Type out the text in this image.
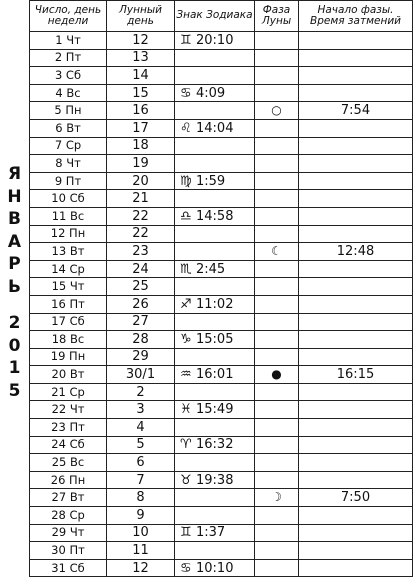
Я
Н
В
А
Р
Ь
2
0
1
5
Число, день недели	Лунный день	Знак Зодиака	Фаза Луны	Начало фазы. Время затмений
1 Чт	12	♊ 20:10		
2 Пт	13			
3 Сб	14			
4 Вс	15	♋ 4:09		
5 Пн	16		○	7:54
6 Вт	17	♌ 14:04		
7 Ср	18			
8 Чт	19			
9 Пт	20	♍ 1:59		
10 Сб	21			
11 Вс	22	♎ 14:58		
12 Пн	22			
13 Вт	23		☾	12:48
14 Ср	24	♏ 2:45		
15 Чт	25			
16 Пт	26	♐ 11:02		
17 Сб	27			
18 Вс	28	♑ 15:05		
19 Пн	29			
20 Вт	30/1	♒ 16:01	●	16:15
21 Ср	2			
22 Чт	3	♓ 15:49		
23 Пт	4			
24 Сб	5	♈ 16:32		
25 Вс	6			
26 Пн	7	♉ 19:38		
27 Вт	8		☽	7:50
28 Ср	9			
29 Чт	10	♊ 1:37		
30 Пт	11			
31 Сб	12	♋ 10:10		
